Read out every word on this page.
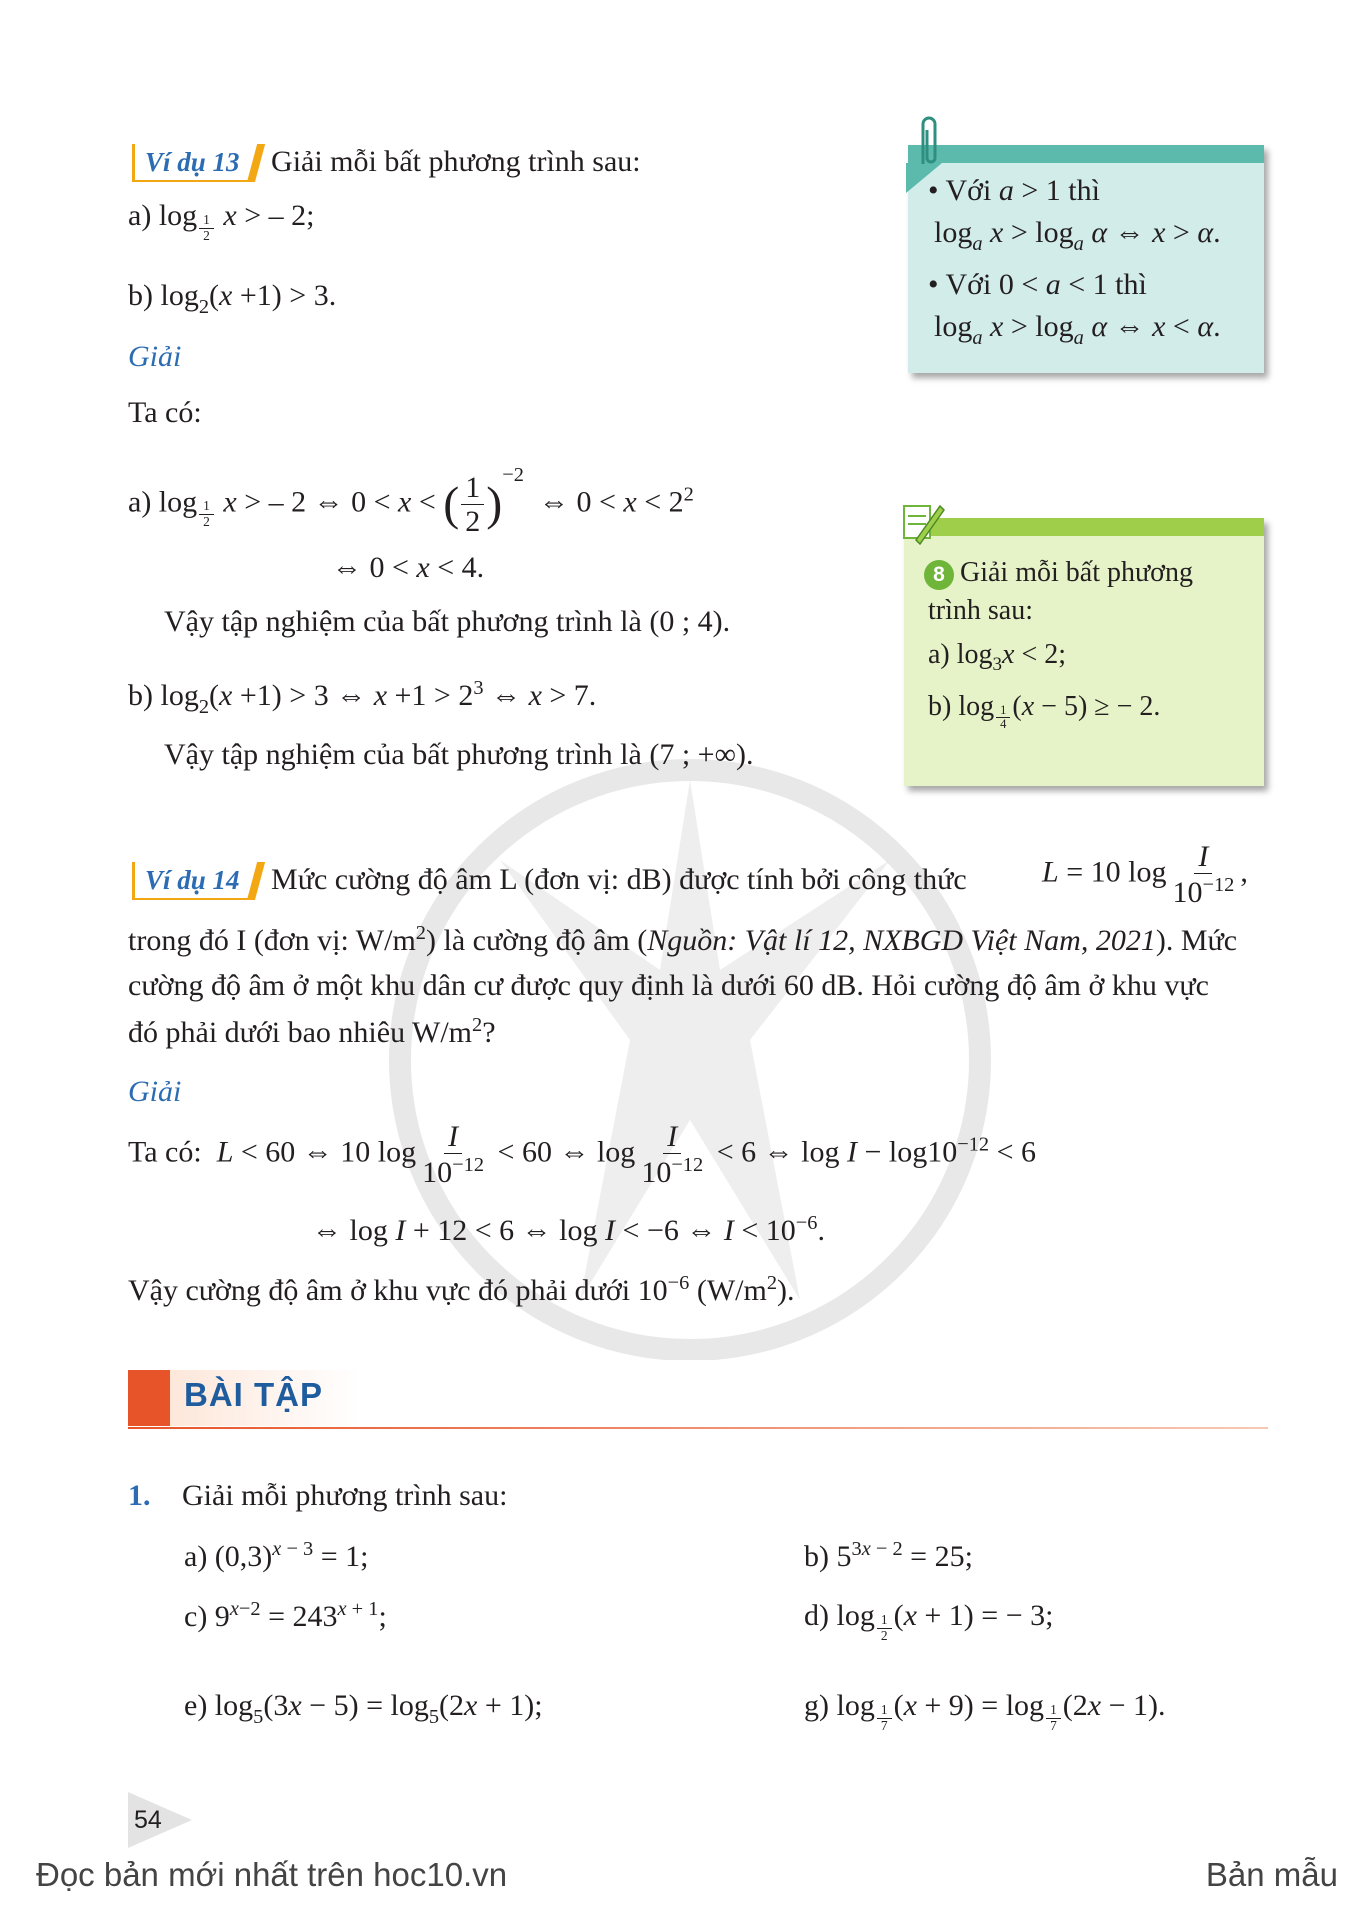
Ví dụ 13 Giải mỗi bất phương trình sau:
a) log $_{\frac{1}{2}}$ x > – 2;
b) $\log_2(x +1) > 3$.
Giải
Ta có:
a) log $_{\frac{1}{2}}$ x > – 2 ⇔ 0 < x < ( $\frac{1}{2} )^{-2}$  ⇔ $0 < x < 2^2$
⇔ 0 < x < 4.
Vậy tập nghiệm của bất phương trình là (0 ; 4).
b) $\log_2(x +1) > 3$ ⇔ $x +1 > 2^3$ ⇔ x > 7.
Vậy tập nghiệm của bất phương trình là (7 ; +∞).
• Với a > 1 thì
$\log_a x > \log_a \alpha$ ⇔ x > α.
• Với 0 < a < 1 thì
$\log_a x > \log_a \alpha$ ⇔ x < α.
8 Giải mỗi bất phương
trình sau:
a) $\log_3x < 2$;
b) log $_{\frac{1}{4}}$ (x − 5) ≥ − 2.
Ví dụ 14 Mức cường độ âm L (đơn vị: dB) được tính bởi công thức	L = 10 $\log \frac{I}{10^{-12}}$ ,
trong đó I (đơn vị: $W/m^2$) là cường độ âm (Nguồn: Vật lí 12, NXBGD Việt Nam, 2021). Mức
cường độ âm ở một khu dân cư được quy định là dưới 60 dB. Hỏi cường độ âm ở khu vực
đó phải dưới bao nhiêu $W/m^2$?
Giải
Ta có: L < 60 ⇔ 10 $\log \frac{I}{10^{-12}} < 60$ ⇔ $\log \frac{I}{10^{-12}} < 6$ ⇔ $\log I - \log 10^{-12} < 6$
⇔ log I + 12 < 6 ⇔ log I < −6 ⇔ $I < 10^{-6}$.
Vậy cường độ âm ở khu vực đó phải dưới $10^{-6}$ $(W/m^2)$.
BÀI TẬP
1. Giải mỗi phương trình sau:
a) $(0,3)^{x - 3} = 1$;	b) $5^{3x - 2} = 25$;
c) $9^{x-2} = 243^{x + 1}$;	d) log $_{\frac{1}{2}}$ (x + 1) = − 3;
e) $\log_5(3x - 5) = \log_5(2x + 1)$;	g) log $_{\frac{1}{7}}$ (x + 9) = log $_{\frac{1}{7}}$ (2x − 1).
54
Đọc bản mới nhất trên hoc10.vn	Bản mẫu
